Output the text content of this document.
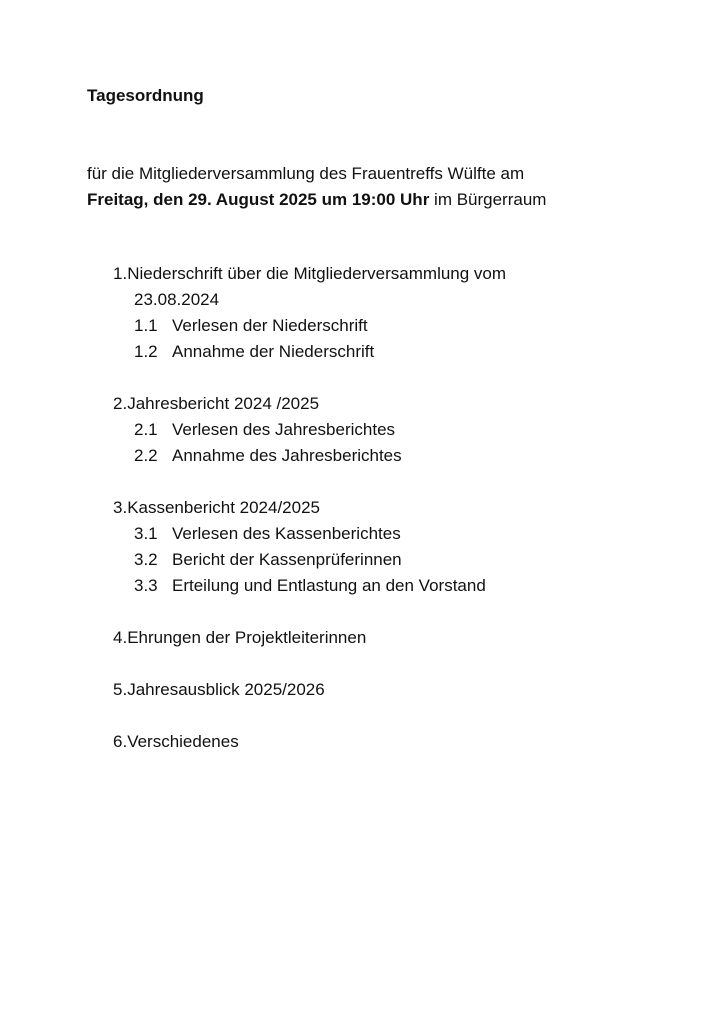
Tagesordnung

für die Mitgliederversammlung des Frauentreffs Wülfte am
Freitag, den 29. August 2025 um 19:00 Uhr im Bürgerraum

1.Niederschrift über die Mitgliederversammlung vom
23.08.2024
1.1 Verlesen der Niederschrift
1.2 Annahme der Niederschrift
2.Jahresbericht 2024 /2025
2.1 Verlesen des Jahresberichtes
2.2 Annahme des Jahresberichtes
3.Kassenbericht 2024/2025
3.1 Verlesen des Kassenberichtes
3.2 Bericht der Kassenprüferinnen
3.3 Erteilung und Entlastung an den Vorstand
4.Ehrungen der Projektleiterinnen
5.Jahresausblick 2025/2026
6.Verschiedenes
